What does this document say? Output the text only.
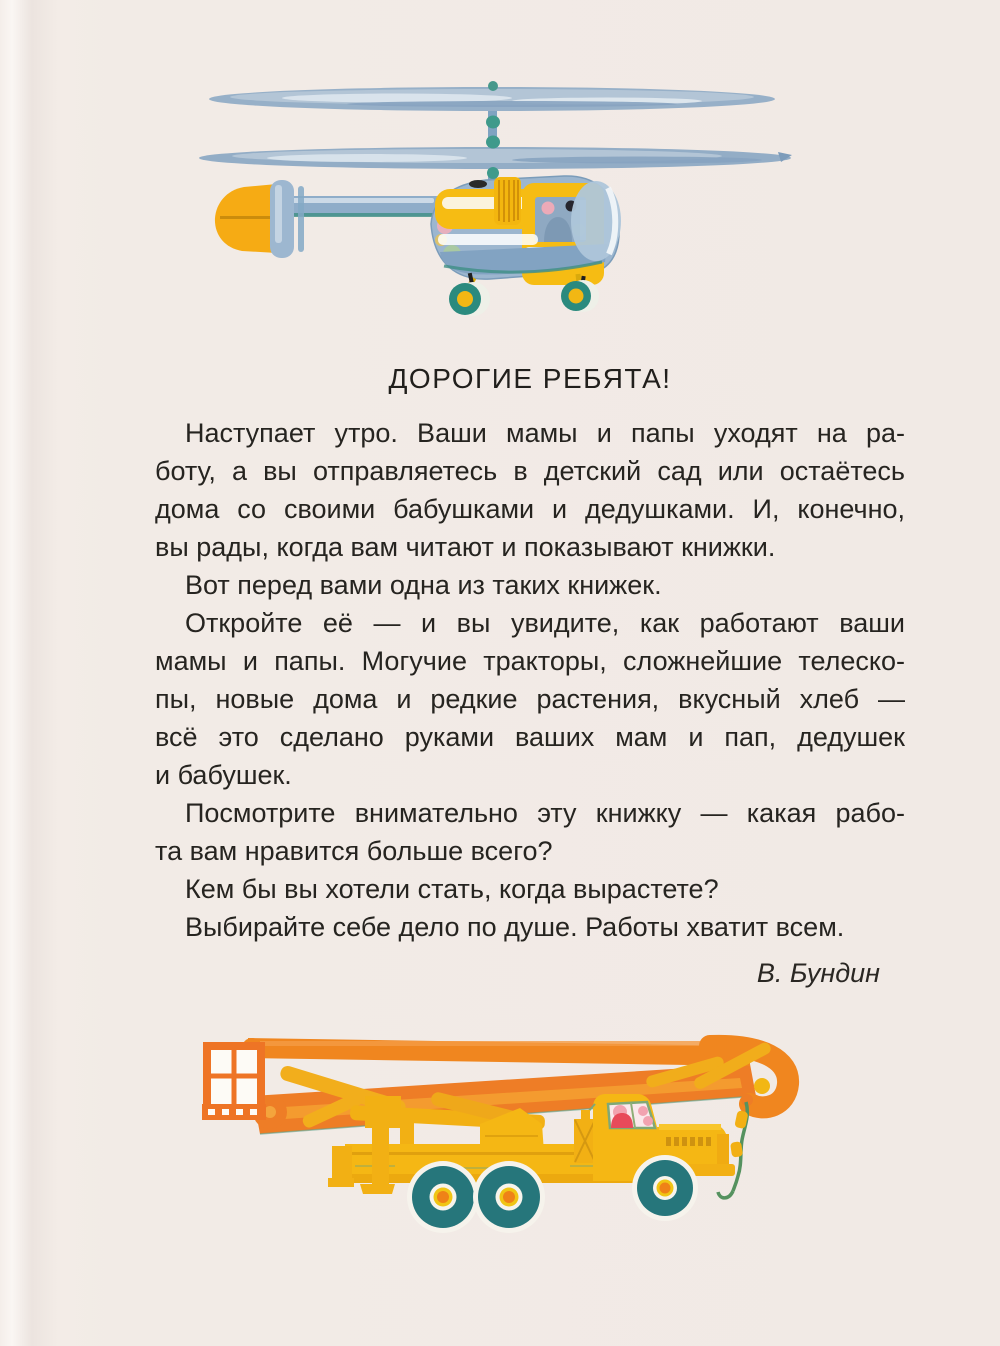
ДОРОГИЕ РЕБЯТА!
Наступает утро. Ваши мамы и папы уходят на ра-
боту, а вы отправляетесь в детский сад или остаётесь
дома со своими бабушками и дедушками. И, конечно,
вы рады, когда вам читают и показывают книжки.
Вот перед вами одна из таких книжек.
Откройте её — и вы увидите, как работают ваши
мамы и папы. Могучие тракторы, сложнейшие телеско-
пы, новые дома и редкие растения, вкусный хлеб —
всё это сделано руками ваших мам и пап, дедушек
и бабушек.
Посмотрите внимательно эту книжку — какая рабо-
та вам нравится больше всего?
Кем бы вы хотели стать, когда вырастете?
Выбирайте себе дело по душе. Работы хватит всем.
В. Бундин
